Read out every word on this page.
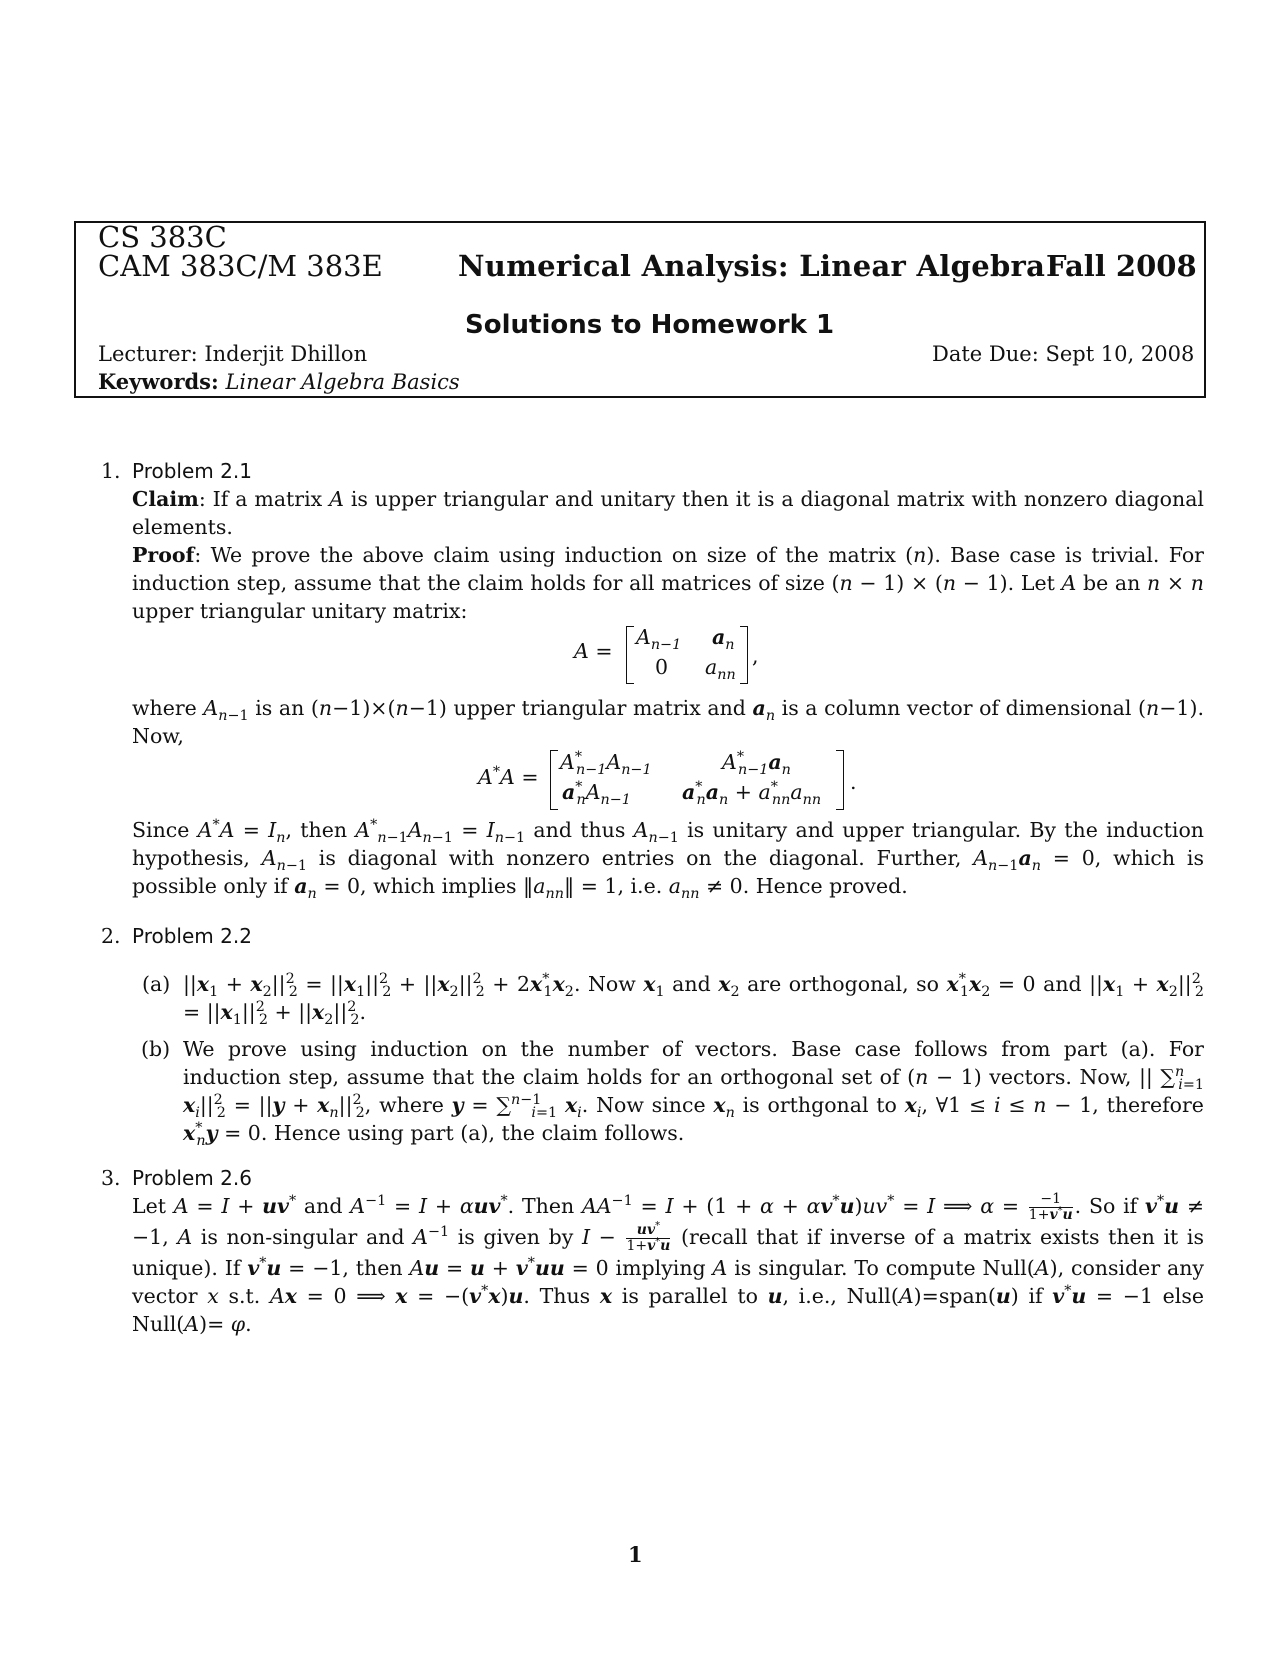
CS 383C
CAM 383C/M 383E	Numerical Analysis: Linear Algebra Fall 2008
Solutions to Homework 1
Lecturer: Inderjit Dhillon	Date Due: Sept 10, 2008
Keywords: Linear Algebra Basics
1. Problem 2.1
Claim: If a matrix A is upper triangular and unitary then it is a diagonal matrix with nonzero diagonal elements.
Proof: We prove the above claim using induction on size of the matrix (n). Base case is trivial. For induction step, assume that the claim holds for all matrices of size (n − 1) × (n − 1). Let A be an n × n upper triangular unitary matrix:
A =
$A_{n-1}$ $a_n$
0 $a_{nn}$
,
where $A_{n-1}$ is an (n−1)×(n−1) upper triangular matrix and $a_n$ is a column vector of dimensional (n−1). Now,
A*A =
$A^*_{n-1}A_{n-1}$	$A^*_{n-1}a_n$
$a^*_nA_{n-1}$ $a^*_na_n + a^*_{nn}a_{nn}$
.
Since $A^*A = I_n$, then $A^*_{n-1}A_{n-1} = I_{n-1}$ and thus $A_{n-1}$ is unitary and upper triangular. By the induction hypothesis, $A_{n-1}$ is diagonal with nonzero entries on the diagonal. Further, $A_{n-1}a_n = 0$, which is possible only if $a_n = 0$, which implies $‖a_{nn}‖ = 1$, i.e. $a_{nn} \ne 0$. Hence proved.
2. Problem 2.2
(a) $||x_1 + x_2||^2_2 = ||x_1||^2_2 + ||x_2||^2_2 + 2x^*_1x_2$. Now $x_1$ and $x_2$ are orthogonal, so $x^*_1x_2 = 0$ and $||x_1 + x_2||^2_2 = ||x_1||^2_2 + ||x_2||^2_2$.
(b) We prove using induction on the number of vectors. Base case follows from part (a). For induction step, assume that the claim holds for an orthogonal set of (n − 1) vectors. Now, || ∑$^n_{i=1}$ $x_i||^2_2 = ||y + x_n||^2_2$, where y = ∑$^{n-1}_{i=1}$ $x_i$. Now since $x_n$ is orthgonal to $x_i$, ∀1 ≤ i ≤ n − 1, therefore $x^*_ny = 0$. Hence using part (a), the claim follows.
3. Problem 2.6
Let A = I + uv* and $A^{-1} = I + \alpha uv^*$. Then $AA^{-1} = I + (1 + \alpha + \alpha v^*u)uv^* = I$ ⟹ $\alpha = \frac{-1}{1+v^*u}$ . So if v*u ≠ −1, A is non-singular and $A^{-1}$ is given by $I - \frac{uv^*}{1+v^*u}$ (recall that if inverse of a matrix exists then it is unique). If v*u = −1, then Au = u + v*uu = 0 implying A is singular. To compute Null(A), consider any vector x s.t. Ax = 0 ⟹ x = −(v*x)u. Thus x is parallel to u, i.e., Null(A)=span(u) if v*u = −1 else Null(A)= φ.
1
